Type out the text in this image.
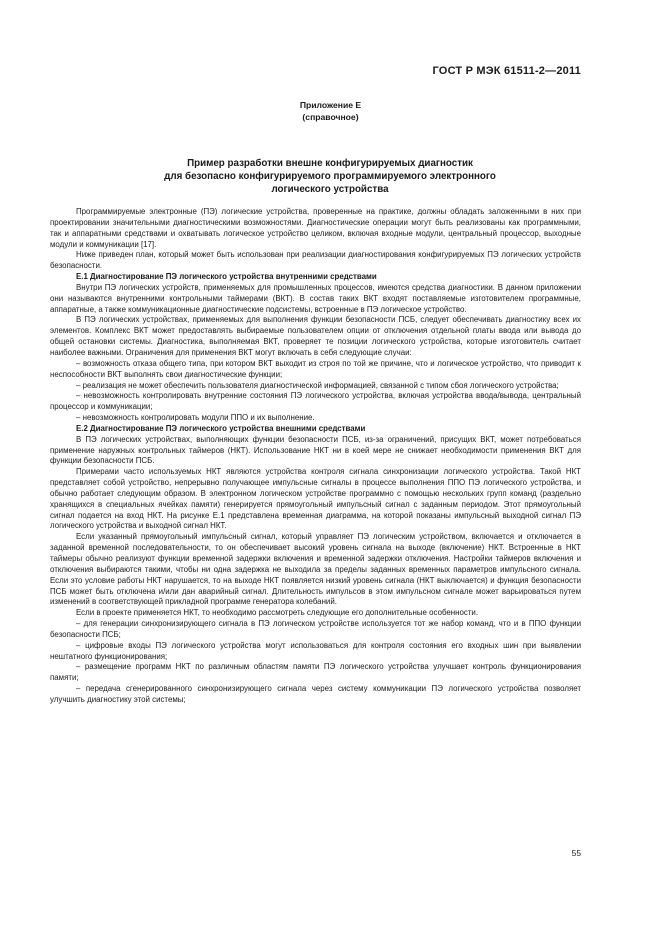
ГОСТ Р МЭК 61511-2—2011
Приложение Е
(справочное)
Пример разработки внешне конфигурируемых диагностик
для безопасно конфигурируемого программируемого электронного
логического устройства

Программируемые электронные (ПЭ) логические устройства, проверенные на практике, должны обладать заложенными в них при проектировании значительными диагностическими возможностями. Диагностические операции могут быть реализованы как программными, так и аппаратными средствами и охватывать логическое устройство целиком, включая входные модули, центральный процессор, выходные модули и коммуникации [17].

Ниже приведен план, который может быть использован при реализации диагностирования конфигурируемых ПЭ логических устройств безопасности.

Е.1 Диагностирование ПЭ логического устройства внутренними средствами

Внутри ПЭ логических устройств, применяемых для промышленных процессов, имеются средства диагностики. В данном приложении они называются внутренними контрольными таймерами (ВКТ). В состав таких ВКТ входят поставляемые изготовителем программные, аппаратные, а также коммуникационные диагностические подсистемы, встроенные в ПЭ логическое устройство.

В ПЭ логических устройствах, применяемых для выполнения функции безопасности ПСБ, следует обеспечивать диагностику всех их элементов. Комплекс ВКТ может предоставлять выбираемые пользователем опции от отключения отдельной платы ввода или вывода до общей остановки системы. Диагностика, выполняемая ВКТ, проверяет те позиции логического устройства, которые изготовитель считает наиболее важными. Ограничения для применения ВКТ могут включать в себя следующие случаи:

– возможность отказа общего типа, при котором ВКТ выходит из строя по той же причине, что и логическое устройство, что приводит к неспособности ВКТ выполнять свои диагностические функции;

– реализация не может обеспечить пользователя диагностической информацией, связанной с типом сбоя логического устройства;

– невозможность контролировать внутренние состояния ПЭ логического устройства, включая устройства ввода/вывода, центральный процессор и коммуникации;

– невозможность контролировать модули ППО и их выполнение.

Е.2 Диагностирование ПЭ логического устройства внешними средствами

В ПЭ логических устройствах, выполняющих функции безопасности ПСБ, из-за ограничений, присущих ВКТ, может потребоваться применение наружных контрольных таймеров (НКТ). Использование НКТ ни в коей мере не снижает необходимости применения ВКТ для функции безопасности ПСБ.

Примерами часто используемых НКТ являются устройства контроля сигнала синхронизации логического устройства. Такой НКТ представляет собой устройство, непрерывно получающее импульсные сигналы в процессе выполнения ППО ПЭ логического устройства, и обычно работает следующим образом. В электронном логическом устройстве программно с помощью нескольких групп команд (раздельно хранящихся в специальных ячейках памяти) генерируется прямоугольный импульсный сигнал с заданным периодом. Этот прямоугольный сигнал подается на вход НКТ. На рисунке Е.1 представлена временная диаграмма, на которой показаны импульсный выходной сигнал ПЭ логического устройства и выходной сигнал НКТ.

Если указанный прямоугольный импульсный сигнал, который управляет ПЭ логическим устройством, включается и отключается в заданной временной последовательности, то он обеспечивает высокий уровень сигнала на выходе (включение) НКТ. Встроенные в НКТ таймеры обычно реализуют функции временной задержки включения и временной задержки отключения. Настройки таймеров включения и отключения выбираются такими, чтобы ни одна задержка не выходила за пределы заданных временных параметров импульсного сигнала. Если это условие работы НКТ нарушается, то на выходе НКТ появляется низкий уровень сигнала (НКТ выключается) и функция безопасности ПСБ может быть отключена и/или дан аварийный сигнал. Длительность импульсов в этом импульсном сигнале может варьироваться путем изменений в соответствующей прикладной программе генератора колебаний.

Если в проекте применяется НКТ, то необходимо рассмотреть следующие его дополнительные особенности.

– для генерации синхронизирующего сигнала в ПЭ логическом устройстве используется тот же набор команд, что и в ППО функции безопасности ПСБ;

– цифровые входы ПЭ логического устройства могут использоваться для контроля состояния его входных шин при выявлении нештатного функционирования;

– размещение программ НКТ по различным областям памяти ПЭ логического устройства улучшает контроль функционирования памяти;

– передача сгенерированного синхронизирующего сигнала через систему коммуникации ПЭ логического устройства позволяет улучшить диагностику этой системы;

55
